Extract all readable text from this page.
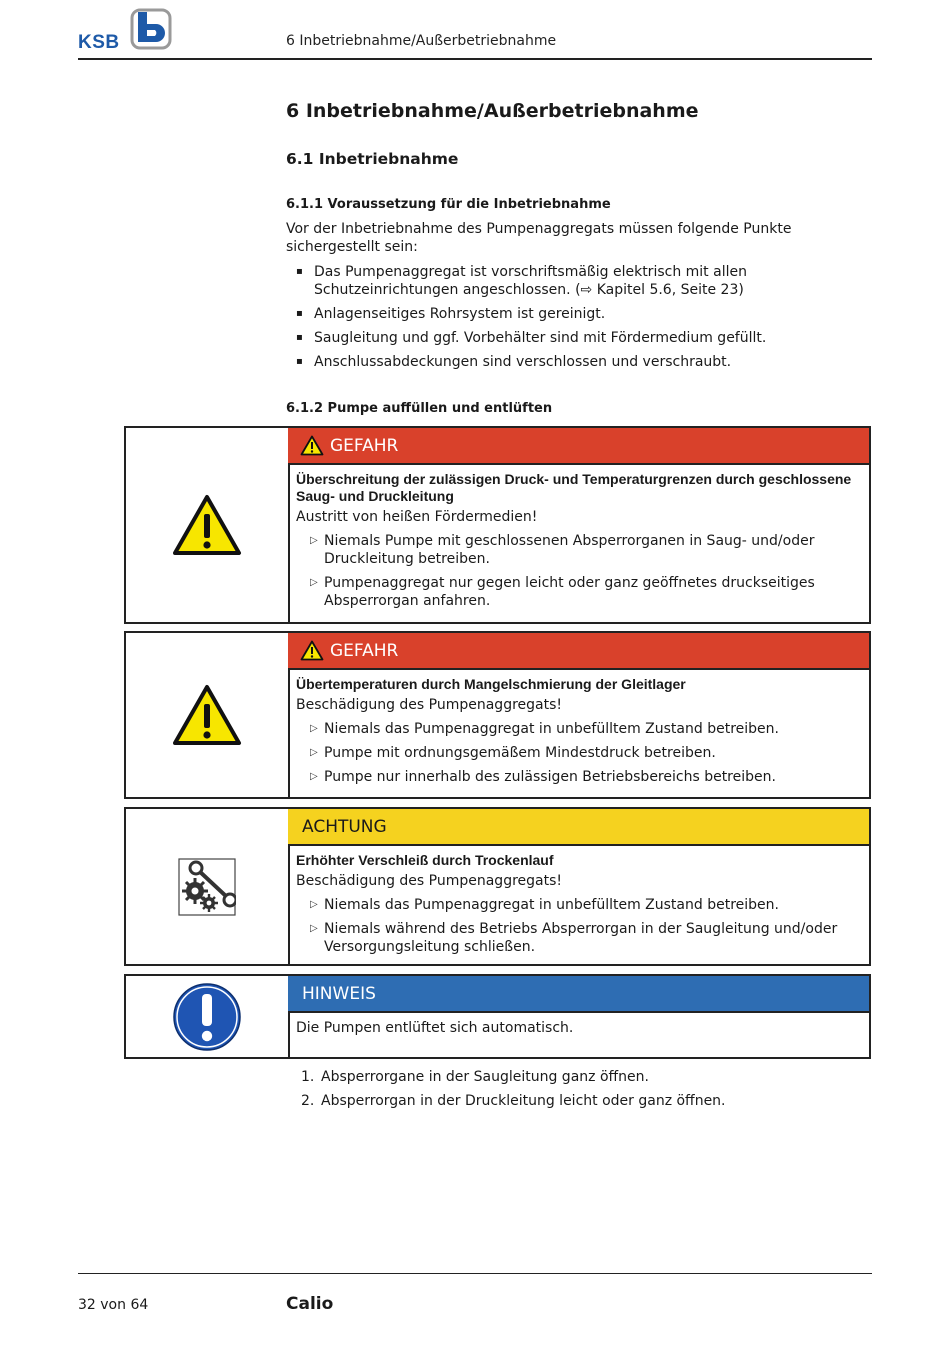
KSB	6 Inbetriebnahme/Außerbetriebnahme
6 Inbetriebnahme/Außerbetriebnahme
6.1 Inbetriebnahme
6.1.1 Voraussetzung für die Inbetriebnahme
Vor der Inbetriebnahme des Pumpenaggregats müssen folgende Punkte sichergestellt sein:
▪ Das Pumpenaggregat ist vorschriftsmäßig elektrisch mit allen Schutzeinrichtungen angeschlossen. (⇨ Kapitel 5.6, Seite 23)
▪ Anlagenseitiges Rohrsystem ist gereinigt.
▪ Saugleitung und ggf. Vorbehälter sind mit Fördermedium gefüllt.
▪ Anschlussabdeckungen sind verschlossen und verschraubt.
6.1.2 Pumpe auffüllen und entlüften
GEFAHR
Überschreitung der zulässigen Druck- und Temperaturgrenzen durch geschlossene Saug- und Druckleitung
Austritt von heißen Fördermedien!
▷ Niemals Pumpe mit geschlossenen Absperrorganen in Saug- und/oder Druckleitung betreiben.
▷ Pumpenaggregat nur gegen leicht oder ganz geöffnetes druckseitiges Absperrorgan anfahren.
GEFAHR
Übertemperaturen durch Mangelschmierung der Gleitlager
Beschädigung des Pumpenaggregats!
▷ Niemals das Pumpenaggregat in unbefülltem Zustand betreiben.
▷ Pumpe mit ordnungsgemäßem Mindestdruck betreiben.
▷ Pumpe nur innerhalb des zulässigen Betriebsbereichs betreiben.
ACHTUNG
Erhöhter Verschleiß durch Trockenlauf
Beschädigung des Pumpenaggregats!
▷ Niemals das Pumpenaggregat in unbefülltem Zustand betreiben.
▷ Niemals während des Betriebs Absperrorgan in der Saugleitung und/oder Versorgungsleitung schließen.
HINWEIS
Die Pumpen entlüftet sich automatisch.
1. Absperrorgane in der Saugleitung ganz öffnen.
2. Absperrorgan in der Druckleitung leicht oder ganz öffnen.
32 von 64	Calio
